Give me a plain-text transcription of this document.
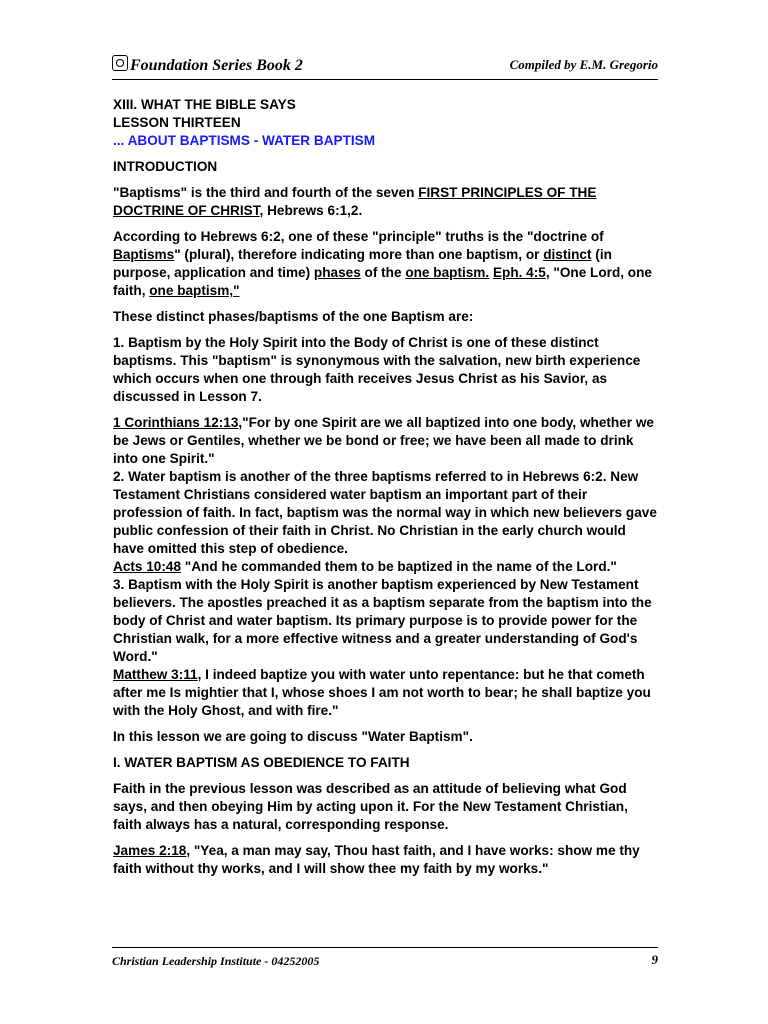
Foundation Series Book 2	Compiled by E.M. Gregorio

XIII. WHAT THE BIBLE SAYS

LESSON THIRTEEN

... ABOUT BAPTISMS - WATER BAPTISM

INTRODUCTION

"Baptisms" is the third and fourth of the seven FIRST PRINCIPLES OF THE DOCTRINE OF CHRIST, Hebrews 6:1,2.

According to Hebrews 6:2, one of these "principle" truths is the "doctrine of Baptisms" (plural), therefore indicating more than one baptism, or distinct (in purpose, application and time) phases of the one baptism. Eph. 4:5, "One Lord, one faith, one baptism,"

These distinct phases/baptisms of the one Baptism are:

1. Baptism by the Holy Spirit into the Body of Christ is one of these distinct baptisms. This "baptism" is synonymous with the salvation, new birth experience which occurs when one through faith receives Jesus Christ as his Savior, as discussed in Lesson 7.

1 Corinthians 12:13,"For by one Spirit are we all baptized into one body, whether we be Jews or Gentiles, whether we be bond or free; we have been all made to drink into one Spirit."

2. Water baptism is another of the three baptisms referred to in Hebrews 6:2. New Testament Christians considered water baptism an important part of their profession of faith. In fact, baptism was the normal way in which new believers gave public confession of their faith in Christ. No Christian in the early church would have omitted this step of obedience.

Acts 10:48 "And he commanded them to be baptized in the name of the Lord."

3. Baptism with the Holy Spirit is another baptism experienced by New Testament believers. The apostles preached it as a baptism separate from the baptism into the body of Christ and water baptism. Its primary purpose is to provide power for the Christian walk, for a more effective witness and a greater understanding of God's Word."

Matthew 3:11, I indeed baptize you with water unto repentance: but he that cometh after me Is mightier that I, whose shoes I am not worth to bear; he shall baptize you with the Holy Ghost, and with fire."

In this lesson we are going to discuss "Water Baptism".

I. WATER BAPTISM AS OBEDIENCE TO FAITH

Faith in the previous lesson was described as an attitude of believing what God says, and then obeying Him by acting upon it. For the New Testament Christian, faith always has a natural, corresponding response.

James 2:18, "Yea, a man may say, Thou hast faith, and I have works: show me thy faith without thy works, and I will show thee my faith by my works."

Christian Leadership Institute - 04252005	9
